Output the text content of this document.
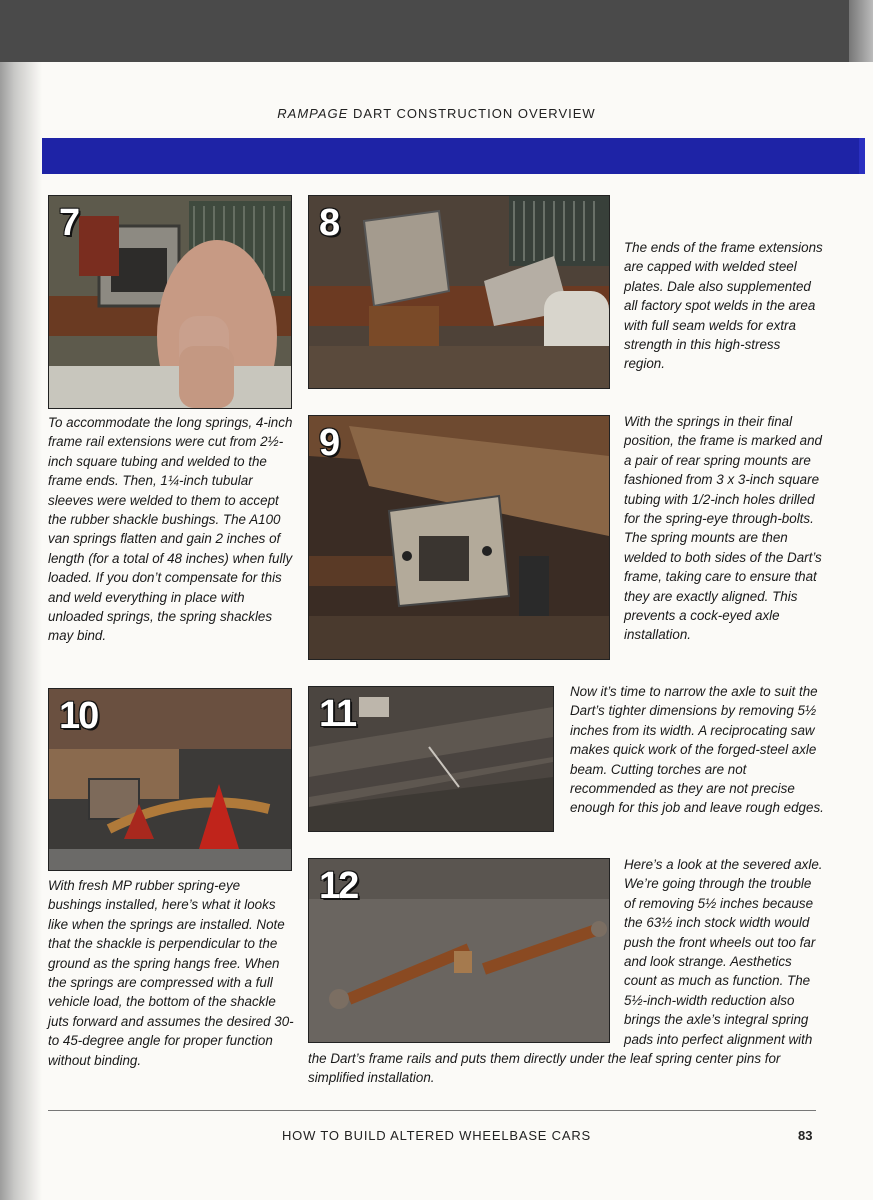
RAMPAGE DART CONSTRUCTION OVERVIEW
7	8

The ends of the frame extensions are capped with welded steel plates. Dale also supplemented all factory spot welds in the area with full seam welds for extra strength in this high-stress region.

To accommodate the long springs, 4-inch frame rail extensions were cut from 2½-inch square tubing and welded to the frame ends. Then, 1¼-inch tubular sleeves were welded to them to accept the rubber shackle bushings. The A100 van springs flatten and gain 2 inches of length (for a total of 48 inches) when fully loaded. If you don’t compensate for this and weld everything in place with unloaded springs, the spring shackles may bind.

9

With the springs in their final position, the frame is marked and a pair of rear spring mounts are fashioned from 3 x 3-inch square tubing with 1/2-inch holes drilled for the spring-eye through-bolts. The spring mounts are then welded to both sides of the Dart’s frame, taking care to ensure that they are exactly aligned. This prevents a cock-eyed axle installation.

10	11

Now it’s time to narrow the axle to suit the Dart’s tighter dimensions by removing 5½ inches from its width. A reciprocating saw makes quick work of the forged-steel axle beam. Cutting torches are not recommended as they are not precise enough for this job and leave rough edges.

With fresh MP rubber spring-eye bushings installed, here’s what it looks like when the springs are installed. Note that the shackle is perpendicular to the ground as the spring hangs free. When the springs are compressed with a full vehicle load, the bottom of the shackle juts forward and assumes the desired 30- to 45-degree angle for proper function without binding.

12

Here’s a look at the severed axle. We’re going through the trouble of removing 5½ inches because the 63½ inch stock width would push the front wheels out too far and look strange. Aesthetics count as much as function. The 5½-inch-width reduction also brings the axle’s integral spring pads into perfect alignment with the Dart’s frame rails and puts them directly under the leaf spring center pins for simplified installation.

HOW TO BUILD ALTERED WHEELBASE CARS	83
